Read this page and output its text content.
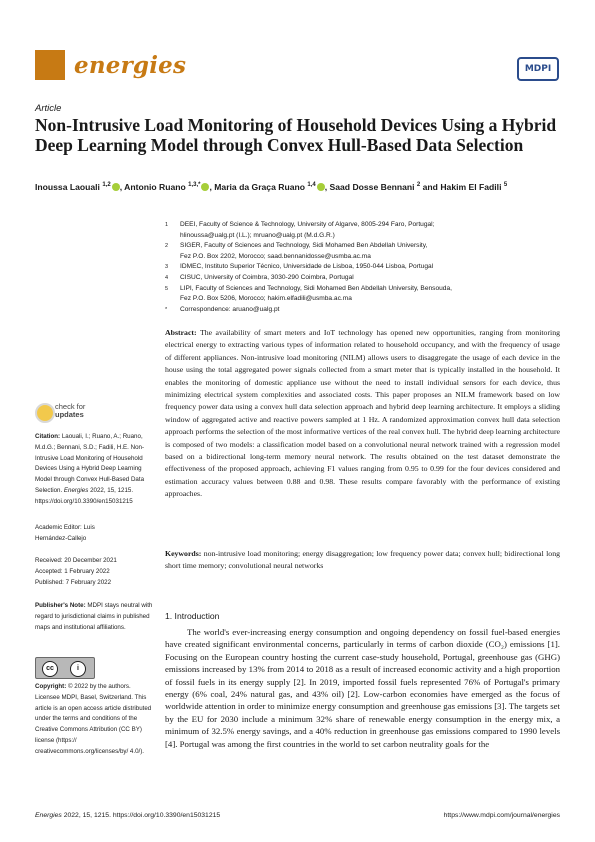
energies	MDPI
Article
Non-Intrusive Load Monitoring of Household Devices Using a Hybrid Deep Learning Model through Convex Hull-Based Data Selection
Inoussa Laouali $^{1,2}$ , Antonio Ruano $^{1,3,*}$ , Maria da Graça Ruano $^{1,4}$ , Saad Dosse Bennani $^2$ and Hakim El Fadili $^5$
1	DEEI, Faculty of Science & Technology, University of Algarve, 8005-294 Faro, Portugal;
hlinoussa@ualg.pt (I.L.); mruano@ualg.pt (M.d.G.R.)
2	SIGER, Faculty of Sciences and Technology, Sidi Mohamed Ben Abdellah University,
Fez P.O. Box 2202, Morocco; saad.bennanidosse@usmba.ac.ma
3	IDMEC, Instituto Superior Técnico, Universidade de Lisboa, 1950-044 Lisboa, Portugal
4	CISUC, University of Coimbra, 3030-290 Coimbra, Portugal
5	LIPI, Faculty of Sciences and Technology, Sidi Mohamed Ben Abdellah University, Bensouda,
Fez P.O. Box 5206, Morocco; hakim.elfadili@usmba.ac.ma
*	Correspondence: aruano@ualg.pt
Abstract: The availability of smart meters and IoT technology has opened new opportunities, ranging from monitoring electrical energy to extracting various types of information related to household occupancy, and with the frequency of usage of different appliances. Non-intrusive load monitoring (NILM) allows users to disaggregate the usage of each device in the house using the total aggregated power signals collected from a smart meter that is typically installed in the household. It enables the monitoring of domestic appliance use without the need to install individual sensors for each device, thus minimizing electrical system complexities and associated costs. This paper proposes an NILM framework based on low frequency power data using a convex hull data selection approach and hybrid deep learning architecture. It employs a sliding window of aggregated active and reactive powers sampled at 1 Hz. A randomized approximation convex hull data selection approach performs the selection of the most informative vertices of the real convex hull. The hybrid deep learning architecture is composed of two models: a classification model based on a convolutional neural network trained with a regression model based on a bidirectional long-term memory neural network. The results obtained on the test dataset demonstrate the effectiveness of the proposed approach, achieving F1 values ranging from 0.95 to 0.99 for the four devices considered and estimation accuracy values between 0.88 and 0.98. These results compare favorably with the performance of existing approaches.
Keywords: non-intrusive load monitoring; energy disaggregation; low frequency power data; convex hull; bidirectional long short time memory; convolutional neural networks
check for
updates
Citation: Laouali, I.; Ruano, A.; Ruano, M.d.G.; Bennani, S.D.; Fadili, H.E. Non-Intrusive Load Monitoring of Household Devices Using a Hybrid Deep Learning Model through Convex Hull-Based Data Selection. Energies 2022, 15, 1215. https://doi.org/10.3390/en15031215
Academic Editor: Luis
Hernández-Callejo
Received: 20 December 2021
Accepted: 1 February 2022
Published: 7 February 2022
Publisher's Note: MDPI stays neutral with regard to jurisdictional claims in published maps and institutional affiliations.
cc	i
Copyright: © 2022 by the authors. Licensee MDPI, Basel, Switzerland. This article is an open access article distributed under the terms and conditions of the Creative Commons Attribution (CC BY) license (https:// creativecommons.org/licenses/by/ 4.0/).
1. Introduction

The world's ever-increasing energy consumption and ongoing dependency on fossil fuel-based energies have created significant environmental concerns, particularly in terms of carbon dioxide (CO₂) emissions [1]. Focusing on the European country hosting the current case-study household, Portugal, greenhouse gas (GHG) emissions increased by 13% from 2014 to 2018 as a result of increased economic activity and a high proportion of fossil fuels in its energy supply [2]. In 2019, imported fossil fuels represented 76% of Portugal's primary energy (6% coal, 24% natural gas, and 43% oil) [2]. Low-carbon economies have emerged as the focus of worldwide attention in order to minimize energy consumption and greenhouse gas emissions [3]. The targets set by the EU for 2030 include a minimum 32% share of renewable energy consumption in the energy mix, a minimum of 32.5% energy savings, and a 40% reduction in greenhouse gas emissions compared to 1990 levels [4]. Portugal was among the first countries in the world to set carbon neutrality goals for the

Energies 2022, 15, 1215. https://doi.org/10.3390/en15031215	https://www.mdpi.com/journal/energies
